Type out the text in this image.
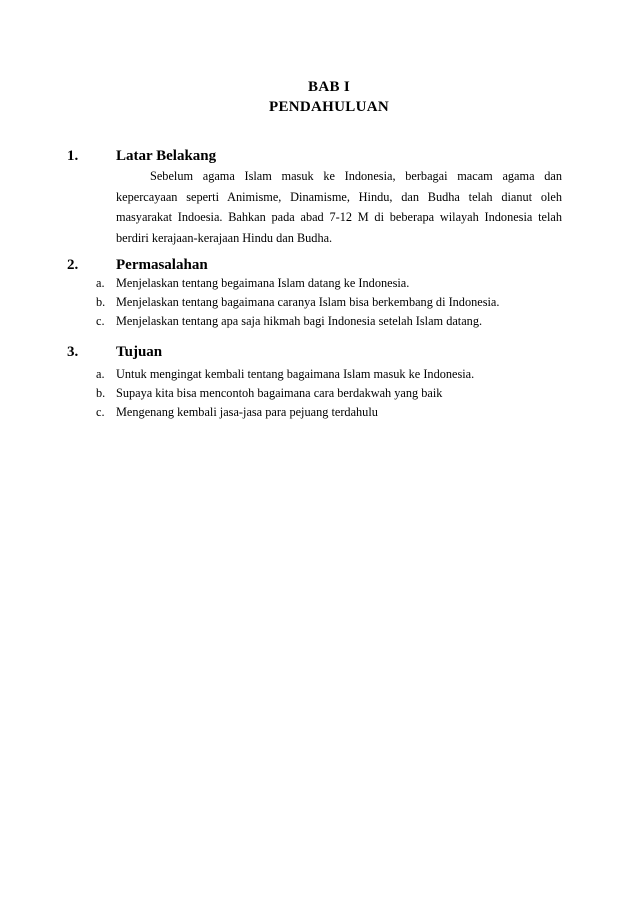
BAB I
PENDAHULUAN
1.	Latar Belakang

Sebelum agama Islam masuk ke Indonesia, berbagai macam agama dan kepercayaan seperti Animisme, Dinamisme, Hindu, dan Budha telah dianut oleh masyarakat Indoesia. Bahkan pada abad 7-12 M di beberapa wilayah Indonesia telah berdiri kerajaan-kerajaan Hindu dan Budha.

2.	Permasalahan
a. Menjelaskan tentang begaimana Islam datang ke Indonesia.
b. Menjelaskan tentang bagaimana caranya Islam bisa berkembang di Indonesia.
c. Menjelaskan tentang apa saja hikmah bagi Indonesia setelah Islam datang.
3.	Tujuan
a. Untuk mengingat kembali tentang bagaimana Islam masuk ke Indonesia.
b. Supaya kita bisa mencontoh bagaimana cara berdakwah yang baik
c. Mengenang kembali jasa-jasa para pejuang terdahulu
